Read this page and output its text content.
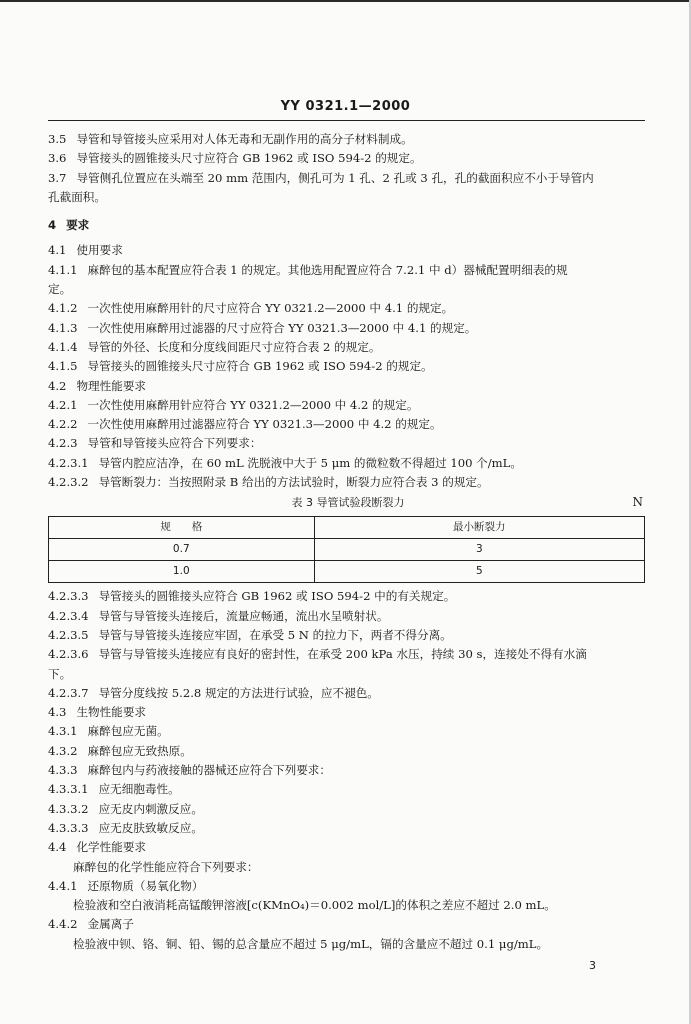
YY 0321.1—2000
3.5 导管和导管接头应采用对人体无毒和无副作用的高分子材料制成。
3.6 导管接头的圆锥接头尺寸应符合 GB 1962 或 ISO 594-2 的规定。
3.7 导管侧孔位置应在头端至 20 mm 范围内，侧孔可为 1 孔、2 孔或 3 孔，孔的截面积应不小于导管内
孔截面积。
4 要求
4.1 使用要求
4.1.1 麻醉包的基本配置应符合表 1 的规定。其他选用配置应符合 7.2.1 中 d）器械配置明细表的规
定。
4.1.2 一次性使用麻醉用针的尺寸应符合 YY 0321.2—2000 中 4.1 的规定。
4.1.3 一次性使用麻醉用过滤器的尺寸应符合 YY 0321.3—2000 中 4.1 的规定。
4.1.4 导管的外径、长度和分度线间距尺寸应符合表 2 的规定。
4.1.5 导管接头的圆锥接头尺寸应符合 GB 1962 或 ISO 594-2 的规定。
4.2 物理性能要求
4.2.1 一次性使用麻醉用针应符合 YY 0321.2—2000 中 4.2 的规定。
4.2.2 一次性使用麻醉用过滤器应符合 YY 0321.3—2000 中 4.2 的规定。
4.2.3 导管和导管接头应符合下列要求：
4.2.3.1 导管内腔应洁净，在 60 mL 洗脱液中大于 5 μm 的微粒数不得超过 100 个/mL。
4.2.3.2 导管断裂力：当按照附录 B 给出的方法试验时，断裂力应符合表 3 的规定。
表 3 导管试验段断裂力	N
规　　格	最小断裂力
0.7	3
1.0	5
4.2.3.3 导管接头的圆锥接头应符合 GB 1962 或 ISO 594-2 中的有关规定。
4.2.3.4 导管与导管接头连接后，流量应畅通，流出水呈喷射状。
4.2.3.5 导管与导管接头连接应牢固，在承受 5 N 的拉力下，两者不得分离。
4.2.3.6 导管与导管接头连接应有良好的密封性，在承受 200 kPa 水压，持续 30 s，连接处不得有水滴
下。
4.2.3.7 导管分度线按 5.2.8 规定的方法进行试验，应不褪色。
4.3 生物性能要求
4.3.1 麻醉包应无菌。
4.3.2 麻醉包应无致热原。
4.3.3 麻醉包内与药液接触的器械还应符合下列要求：
4.3.3.1 应无细胞毒性。
4.3.3.2 应无皮内刺激反应。
4.3.3.3 应无皮肤致敏反应。
4.4 化学性能要求
麻醉包的化学性能应符合下列要求：
4.4.1 还原物质（易氧化物）
检验液和空白液消耗高锰酸钾溶液[c(KMnO₄)＝0.002 mol/L]的体积之差应不超过 2.0 mL。
4.4.2 金属离子
检验液中钡、铬、铜、铅、锡的总含量应不超过 5 μg/mL，镉的含量应不超过 0.1 μg/mL。
3
